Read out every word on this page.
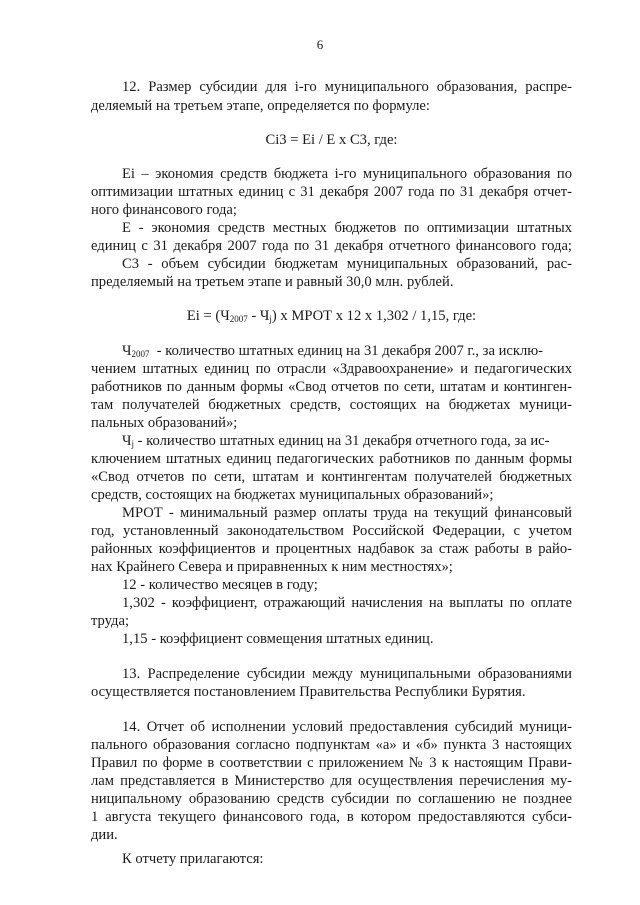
6
12. Размер субсидии для i-го муниципального образования, распре-
деляемый на третьем этапе, определяется по формуле:
Ci3 = Ei / E x C3, где:
Ei – экономия средств бюджета i-го муниципального образования по
оптимизации штатных единиц с 31 декабря 2007 года по 31 декабря отчет-
ного финансового года;
E - экономия средств местных бюджетов по оптимизации штатных
единиц с 31 декабря 2007 года по 31 декабря отчетного финансового года;
C3 - объем субсидии бюджетам муниципальных образований, рас-
пределяемый на третьем этапе и равный 30,0 млн. рублей.
$Ei = (Ч_{2007} - Ч_j)$ x МРОТ x 12 x 1,302 / 1,15, где:
$Ч_{2007}$  - количество штатных единиц на 31 декабря 2007 г., за исклю-
чением штатных единиц по отрасли «Здравоохранение» и педагогических
работников по данным формы «Свод отчетов по сети, штатам и континген-
там получателей бюджетных средств, состоящих на бюджетах муници-
пальных образований»;
$Ч_j$ - количество штатных единиц на 31 декабря отчетного года, за ис-
ключением штатных единиц педагогических работников по данным формы
«Свод отчетов по сети, штатам и контингентам получателей бюджетных
средств, состоящих на бюджетах муниципальных образований»;
МРОТ - минимальный размер оплаты труда на текущий финансовый
год, установленный законодательством Российской Федерации, с учетом
районных коэффициентов и процентных надбавок за стаж работы в райо-
нах Крайнего Севера и приравненных к ним местностях»;
12 - количество месяцев в году;
1,302 - коэффициент, отражающий начисления на выплаты по оплате
труда;
1,15 - коэффициент совмещения штатных единиц.
13. Распределение субсидии между муниципальными образованиями
осуществляется постановлением Правительства Республики Бурятия.
14. Отчет об исполнении условий предоставления субсидий муници-
пального образования согласно подпунктам «а» и «б» пункта 3 настоящих
Правил по форме в соответствии с приложением № 3 к настоящим Прави-
лам представляется в Министерство для осуществления перечисления му-
ниципальному образованию средств субсидии по соглашению не позднее
1 августа текущего финансового года, в котором предоставляются субси-
дии.
К отчету прилагаются:
